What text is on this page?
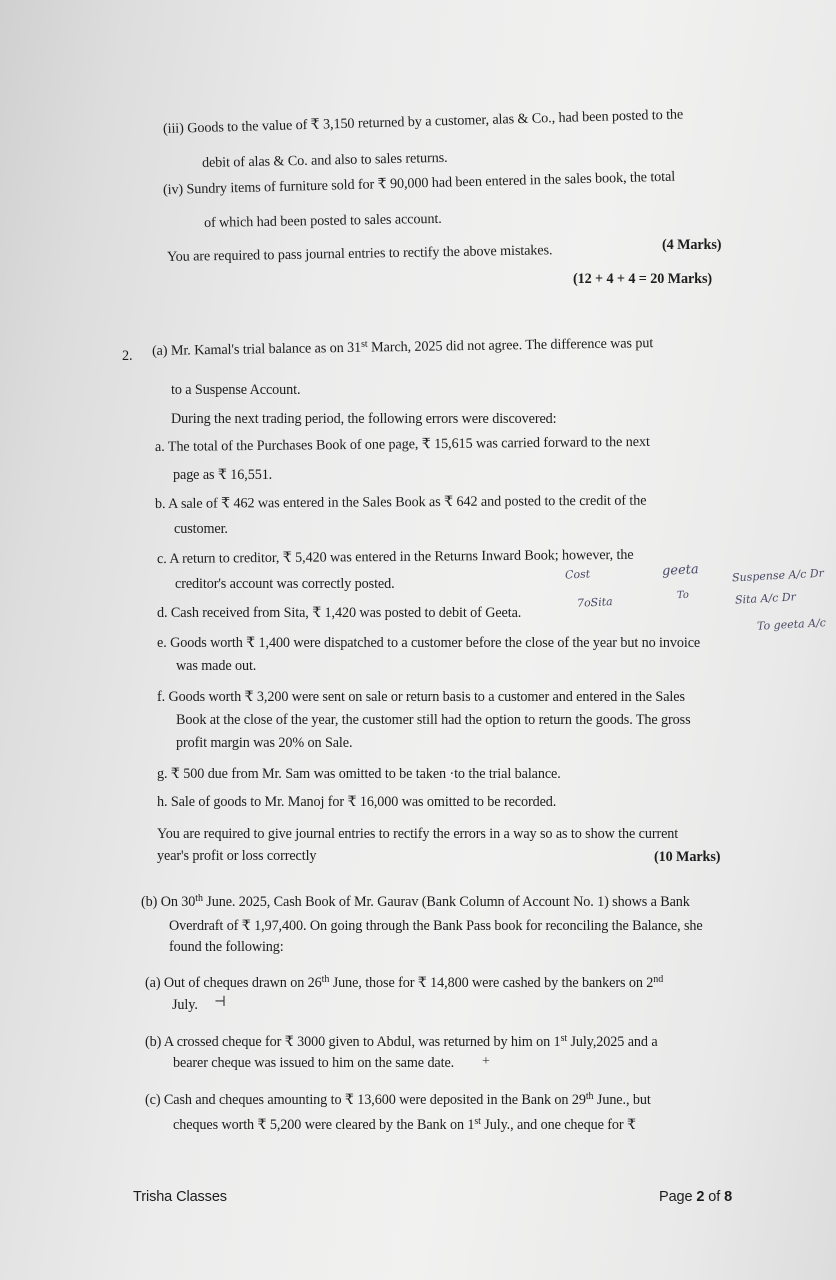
(iii) Goods to the value of ₹ 3,150 returned by a customer, alas & Co., had been posted to the
debit of alas & Co. and also to sales returns.
(iv) Sundry items of furniture sold for ₹ 90,000 had been entered in the sales book, the total
of which had been posted to sales account.
You are required to pass journal entries to rectify the above mistakes.	(4 Marks)
(12 + 4 + 4 = 20 Marks)
2. (a) Mr. Kamal's trial balance as on 31st March, 2025 did not agree. The difference was put
to a Suspense Account.
During the next trading period, the following errors were discovered:
a. The total of the Purchases Book of one page, ₹ 15,615 was carried forward to the next
page as ₹ 16,551.
b. A sale of ₹ 462 was entered in the Sales Book as ₹ 642 and posted to the credit of the
customer.
c. A return to creditor, ₹ 5,420 was entered in the Returns Inward Book; however, the
creditor's account was correctly posted.
d. Cash received from Sita, ₹ 1,420 was posted to debit of Geeta.
e. Goods worth ₹ 1,400 were dispatched to a customer before the close of the year but no invoice
was made out.
f. Goods worth ₹ 3,200 were sent on sale or return basis to a customer and entered in the Sales
Book at the close of the year, the customer still had the option to return the goods. The gross
profit margin was 20% on Sale.
g. ₹ 500 due from Mr. Sam was omitted to be taken ·to the trial balance.
h. Sale of goods to Mr. Manoj for ₹ 16,000 was omitted to be recorded.
You are required to give journal entries to rectify the errors in a way so as to show the current
year's profit or loss correctly	(10 Marks)
(b) On 30th June. 2025, Cash Book of Mr. Gaurav (Bank Column of Account No. 1) shows a Bank
Overdraft of ₹ 1,97,400. On going through the Bank Pass book for reconciling the Balance, she
found the following:
(a) Out of cheques drawn on 26th June, those for ₹ 14,800 were cashed by the bankers on 2nd
July. ⊣
(b) A crossed cheque for ₹ 3000 given to Abdul, was returned by him on 1st July,2025 and a
bearer cheque was issued to him on the same date. +
(c) Cash and cheques amounting to ₹ 13,600 were deposited in the Bank on 29th June., but
cheques worth ₹ 5,200 were cleared by the Bank on 1st July., and one cheque for ₹
Cost
7oSita
geeta
To
Suspense A/c Dr
Sita A/c Dr
To geeta A/c
Trisha Classes	Page 2 of 8
